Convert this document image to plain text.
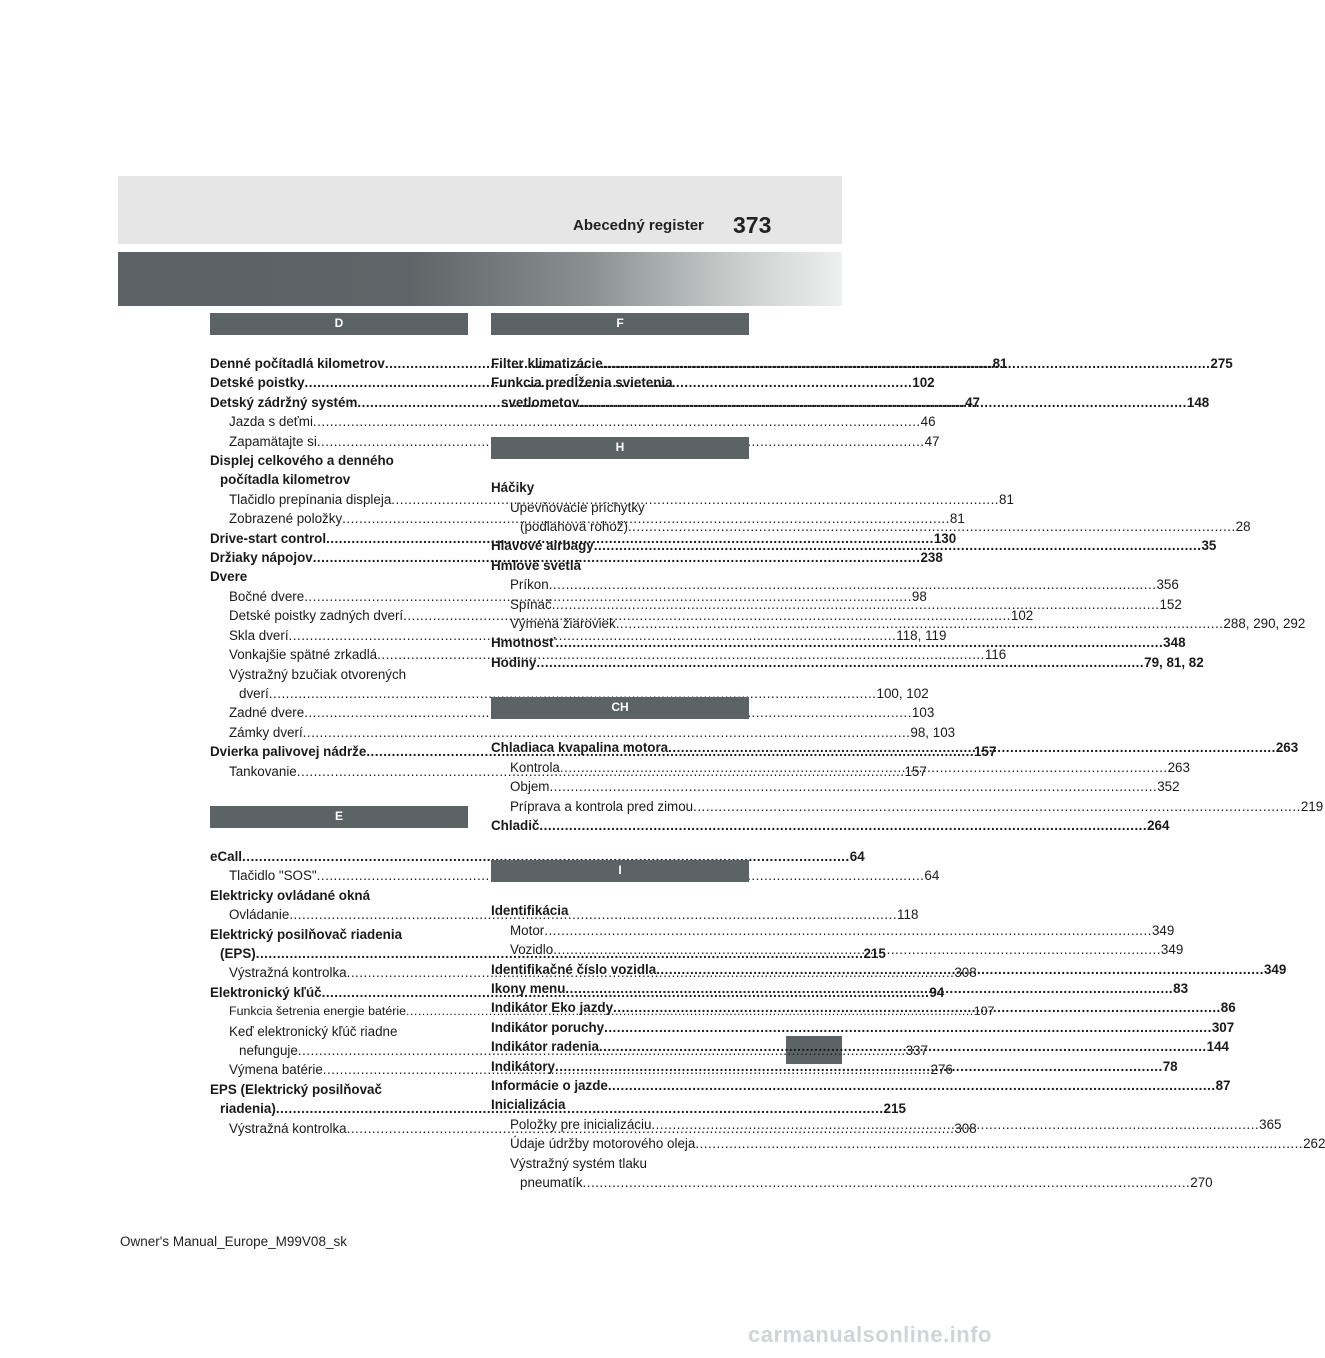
Abecedný register 373
D
Denné počítadlá kilometrov .....	81
Detské poistky .....	102
Detský zádržný systém .....	47
Jazda s deťmi .....	46
Zapamätajte si .....	47
Displej celkového a denného
počítadla kilometrov
Tlačidlo prepínania displeja .....	81
Zobrazené položky .....	81
Drive-start control .....	130
Držiaky nápojov .....	238
Dvere
Bočné dvere .....	98
Detské poistky zadných dverí .....	102
Skla dverí .....	118, 119
Vonkajšie spätné zrkadlá .....	116
Výstražný bzučiak otvorených
dverí .....	100, 102
Zadné dvere .....	103
Zámky dverí .....	98, 103
Dvierka palivovej nádrže .....	157
Tankovanie .....	157
E
eCall .....	64
Tlačidlo "SOS" .....	64
Elektricky ovládané okná
Ovládanie .....	118
Elektrický posilňovač riadenia
(EPS) .....	215
Výstražná kontrolka .....	308
Elektronický kľúč .....	94
Funkcia šetrenia energie batérie .....	107
Keď elektronický kľúč riadne
nefunguje .....	337
Výmena batérie .....	276
EPS (Elektrický posilňovač
riadenia) .....	215
Výstražná kontrolka .....	308
F
Filter klimatizácie .....	275
Funkcia predĺženia svietenia
svetlometov .....	148
H
Háčiky
Upevňovacie príchytky
(podlahová rohož) .....	28
Hlavové airbagy .....	35
Hmlové svetlá
Príkon .....	356
Spínač .....	152
Výmena žiaroviek .....	288, 290, 292
Hmotnosť .....	348
Hodiny .....	79, 81, 82
CH
Chladiaca kvapalina motora .....	263
Kontrola .....	263
Objem .....	352
Príprava a kontrola pred zimou .....	219
Chladič .....	264
I
Identifikácia
Motor .....	349
Vozidlo .....	349
Identifikačné číslo vozidla .....	349
Ikony menu .....	83
Indikátor Eko jazdy .....	86
Indikátor poruchy .....	307
Indikátor radenia .....	144
Indikátory .....	78
Informácie o jazde .....	87
Inicializácia
Položky pre inicializáciu .....	365
Údaje údržby motorového oleja .....	262
Výstražný systém tlaku
pneumatík .....	270
Owner's Manual_Europe_M99V08_sk
carmanualsonline.info
